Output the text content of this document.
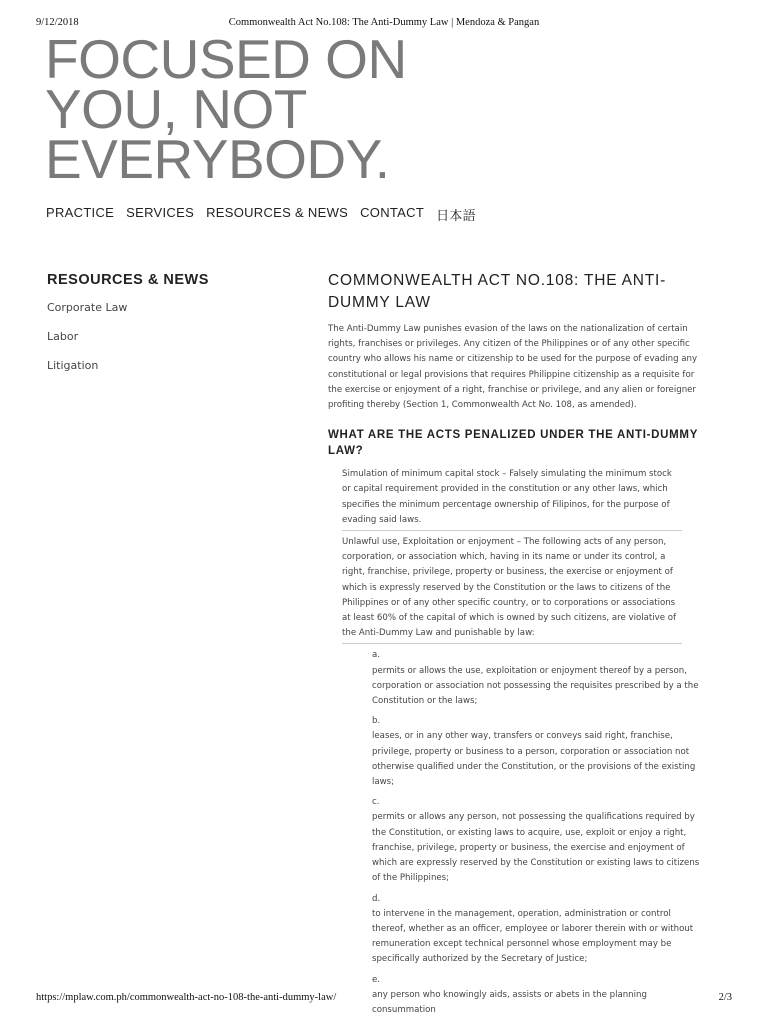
9/12/2018	Commonwealth Act No.108: The Anti-Dummy Law | Mendoza & Pangan
FOCUSED ON
YOU, NOT
EVERYBODY.
PRACTICE SERVICES RESOURCES & NEWS CONTACT 日本語
RESOURCES & NEWS
Corporate Law
Labor
Litigation
COMMONWEALTH ACT NO.108: THE ANTI-DUMMY LAW

The Anti-Dummy Law punishes evasion of the laws on the nationalization of certain rights, franchises or privileges. Any citizen of the Philippines or of any other specific country who allows his name or citizenship to be used for the purpose of evading any constitutional or legal provisions that requires Philippine citizenship as a requisite for the exercise or enjoyment of a right, franchise or privilege, and any alien or foreigner profiting thereby (Section 1, Commonwealth Act No. 108, as amended).

WHAT ARE THE ACTS PENALIZED UNDER THE ANTI-DUMMY LAW?
Simulation of minimum capital stock – Falsely simulating the minimum stock or capital requirement provided in the constitution or any other laws, which specifies the minimum percentage ownership of Filipinos, for the purpose of evading said laws.
Unlawful use, Exploitation or enjoyment – The following acts of any person, corporation, or association which, having in its name or under its control, a right, franchise, privilege, property or business, the exercise or enjoyment of which is expressly reserved by the Constitution or the laws to citizens of the Philippines or of any other specific country, or to corporations or associations at least 60% of the capital of which is owned by such citizens, are violative of the Anti-Dummy Law and punishable by law:
a.
permits or allows the use, exploitation or enjoyment thereof by a person, corporation or association not possessing the requisites prescribed by a the Constitution or the laws;
b.
leases, or in any other way, transfers or conveys said right, franchise, privilege, property or business to a person, corporation or association not otherwise qualified under the Constitution, or the provisions of the existing laws;
c.
permits or allows any person, not possessing the qualifications required by the Constitution, or existing laws to acquire, use, exploit or enjoy a right, franchise, privilege, property or business, the exercise and enjoyment of which are expressly reserved by the Constitution or existing laws to citizens of the Philippines;
d.
to intervene in the management, operation, administration or control thereof, whether as an officer, employee or laborer therein with or without remuneration except technical personnel whose employment may be specifically authorized by the Secretary of Justice;
e.
any person who knowingly aids, assists or abets in the planning consummation
https://mplaw.com.ph/commonwealth-act-no-108-the-anti-dummy-law/	2/3
